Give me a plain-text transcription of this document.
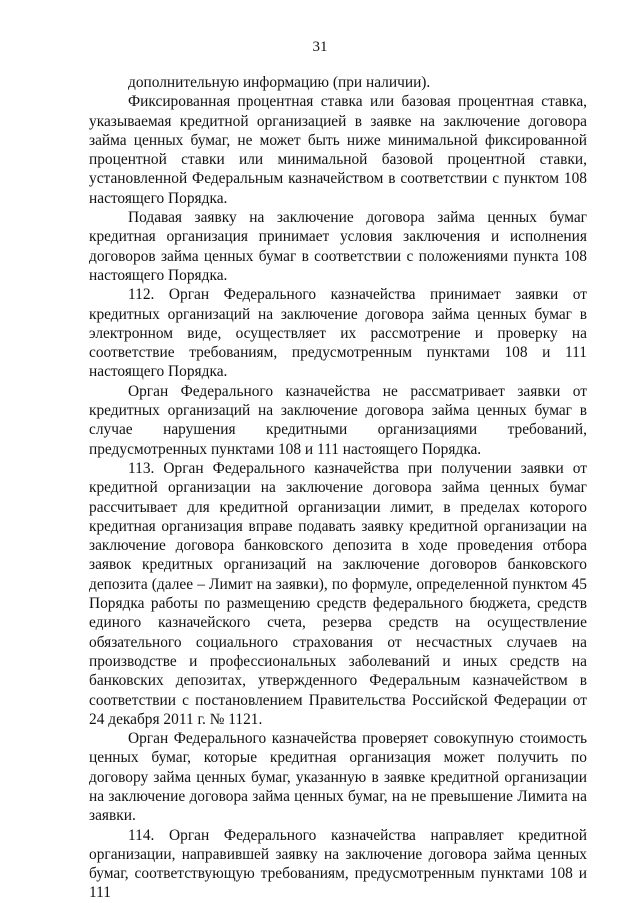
31

дополнительную информацию (при наличии).

Фиксированная процентная ставка или базовая процентная ставка, указываемая кредитной организацией в заявке на заключение договора займа ценных бумаг, не может быть ниже минимальной фиксированной процентной ставки или минимальной базовой процентной ставки, установленной Федеральным казначейством в соответствии с пунктом 108 настоящего Порядка.

Подавая заявку на заключение договора займа ценных бумаг кредитная организация принимает условия заключения и исполнения договоров займа ценных бумаг в соответствии с положениями пункта 108 настоящего Порядка.

112. Орган Федерального казначейства принимает заявки от кредитных организаций на заключение договора займа ценных бумаг в электронном виде, осуществляет их рассмотрение и проверку на соответствие требованиям, предусмотренным пунктами 108 и 111 настоящего Порядка.

Орган Федерального казначейства не рассматривает заявки от кредитных организаций на заключение договора займа ценных бумаг в случае нарушения кредитными организациями требований, предусмотренных пунктами 108 и 111 настоящего Порядка.

113. Орган Федерального казначейства при получении заявки от кредитной организации на заключение договора займа ценных бумаг рассчитывает для кредитной организации лимит, в пределах которого кредитная организация вправе подавать заявку кредитной организации на заключение договора банковского депозита в ходе проведения отбора заявок кредитных организаций на заключение договоров банковского депозита (далее – Лимит на заявки), по формуле, определенной пунктом 45 Порядка работы по размещению средств федерального бюджета, средств единого казначейского счета, резерва средств на осуществление обязательного социального страхования от несчастных случаев на производстве и профессиональных заболеваний и иных средств на банковских депозитах, утвержденного Федеральным казначейством в соответствии с постановлением Правительства Российской Федерации от 24 декабря 2011 г. № 1121.

Орган Федерального казначейства проверяет совокупную стоимость ценных бумаг, которые кредитная организация может получить по договору займа ценных бумаг, указанную в заявке кредитной организации на заключение договора займа ценных бумаг, на не превышение Лимита на заявки.

114. Орган Федерального казначейства направляет кредитной организации, направившей заявку на заключение договора займа ценных бумаг, соответствующую требованиям, предусмотренным пунктами 108 и 111
